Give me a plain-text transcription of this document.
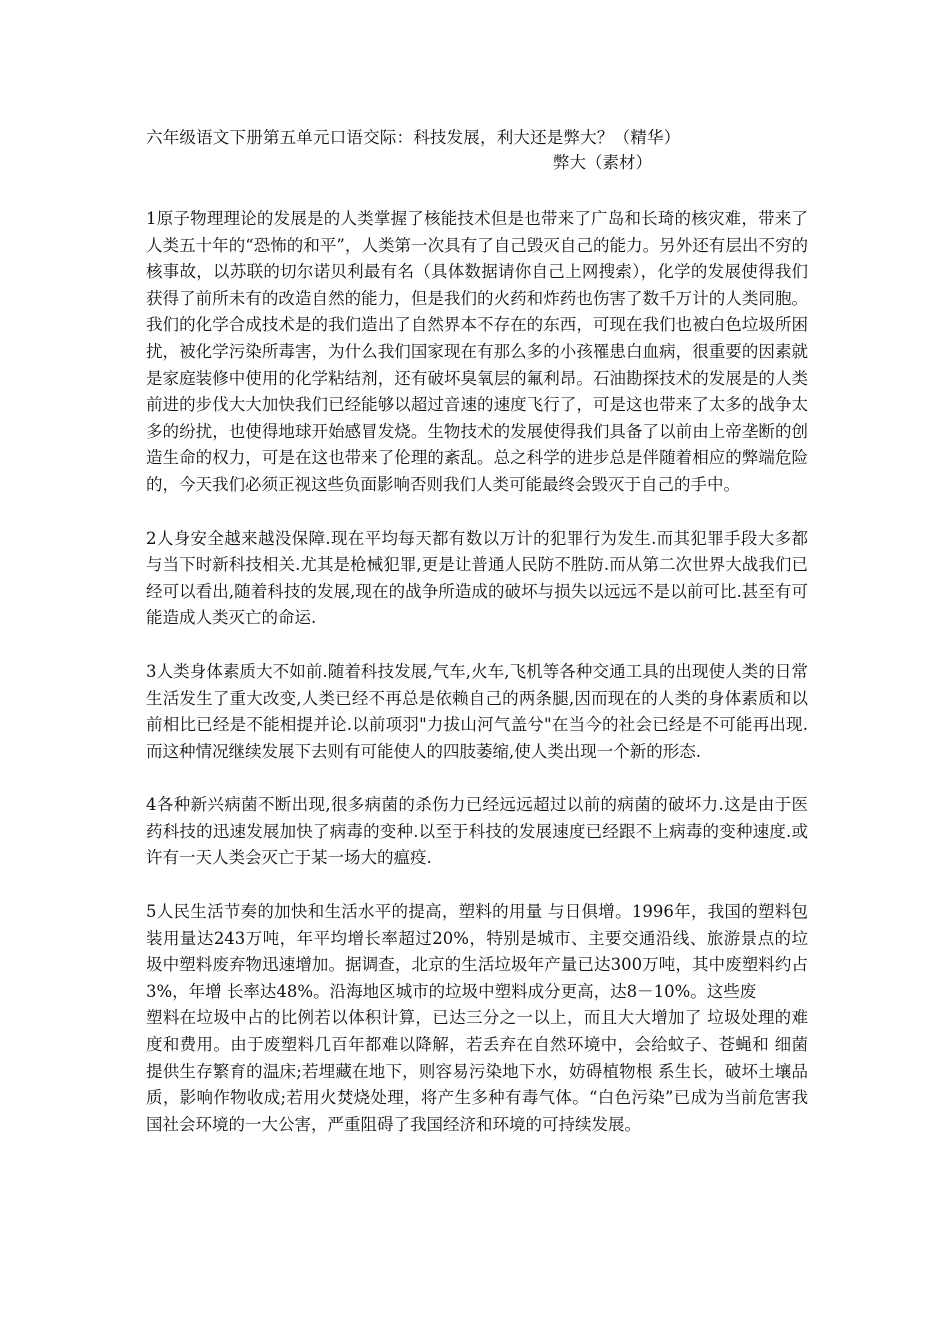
六年级语文下册第五单元口语交际：科技发展，利大还是弊大？（精华）
弊大（素材）

1原子物理理论的发展是的人类掌握了核能技术但是也带来了广岛和长琦的核灾难，带来了人类五十年的“恐怖的和平”，人类第一次具有了自己毁灭自己的能力。另外还有层出不穷的核事故，以苏联的切尔诺贝利最有名（具体数据请你自己上网搜索），化学的发展使得我们获得了前所未有的改造自然的能力，但是我们的火药和炸药也伤害了数千万计的人类同胞。我们的化学合成技术是的我们造出了自然界本不存在的东西，可现在我们也被白色垃圾所困扰，被化学污染所毒害，为什么我们国家现在有那么多的小孩罹患白血病，很重要的因素就是家庭装修中使用的化学粘结剂，还有破坏臭氧层的氟利昂。石油勘探技术的发展是的人类前进的步伐大大加快我们已经能够以超过音速的速度飞行了，可是这也带来了太多的战争太多的纷扰，也使得地球开始感冒发烧。生物技术的发展使得我们具备了以前由上帝垄断的创造生命的权力，可是在这也带来了伦理的紊乱。总之科学的进步总是伴随着相应的弊端危险的，今天我们必须正视这些负面影响否则我们人类可能最终会毁灭于自己的手中。

2人身安全越来越没保障.现在平均每天都有数以万计的犯罪行为发生.而其犯罪手段大多都与当下时新科技相关.尤其是枪械犯罪,更是让普通人民防不胜防.而从第二次世界大战我们已经可以看出,随着科技的发展,现在的战争所造成的破坏与损失以远远不是以前可比.甚至有可能造成人类灭亡的命运.

3人类身体素质大不如前.随着科技发展,气车,火车,飞机等各种交通工具的出现使人类的日常生活发生了重大改变,人类已经不再总是依赖自己的两条腿,因而现在的人类的身体素质和以前相比已经是不能相提并论.以前项羽"力拔山河气盖兮"在当今的社会已经是不可能再出现.而这种情况继续发展下去则有可能使人的四肢萎缩,使人类出现一个新的形态.

4各种新兴病菌不断出现,很多病菌的杀伤力已经远远超过以前的病菌的破坏力.这是由于医药科技的迅速发展加快了病毒的变种.以至于科技的发展速度已经跟不上病毒的变种速度.或许有一天人类会灭亡于某一场大的瘟疫.

5人民生活节奏的加快和生活水平的提高，塑料的用量 与日俱增。1996年，我国的塑料包装用量达243万吨，年平均增长率超过20%，特别是城市、主要交通沿线、旅游景点的垃圾中塑料废弃物迅速增加。据调查，北京的生活垃圾年产量已达300万吨，其中废塑料约占3%，年增 长率达48%。沿海地区城市的垃圾中塑料成分更高，达8－10%。这些废

塑料在垃圾中占的比例若以体积计算，已达三分之一以上，而且大大增加了 垃圾处理的难度和费用。由于废塑料几百年都难以降解，若丢弃在自然环境中，会给蚊子、苍蝇和 细菌提供生存繁育的温床;若埋藏在地下，则容易污染地下水，妨碍植物根 系生长，破坏土壤品质，影响作物收成;若用火焚烧处理，将产生多种有毒气体。“白色污染”已成为当前危害我国社会环境的一大公害，严重阻碍了我国经济和环境的可持续发展。
